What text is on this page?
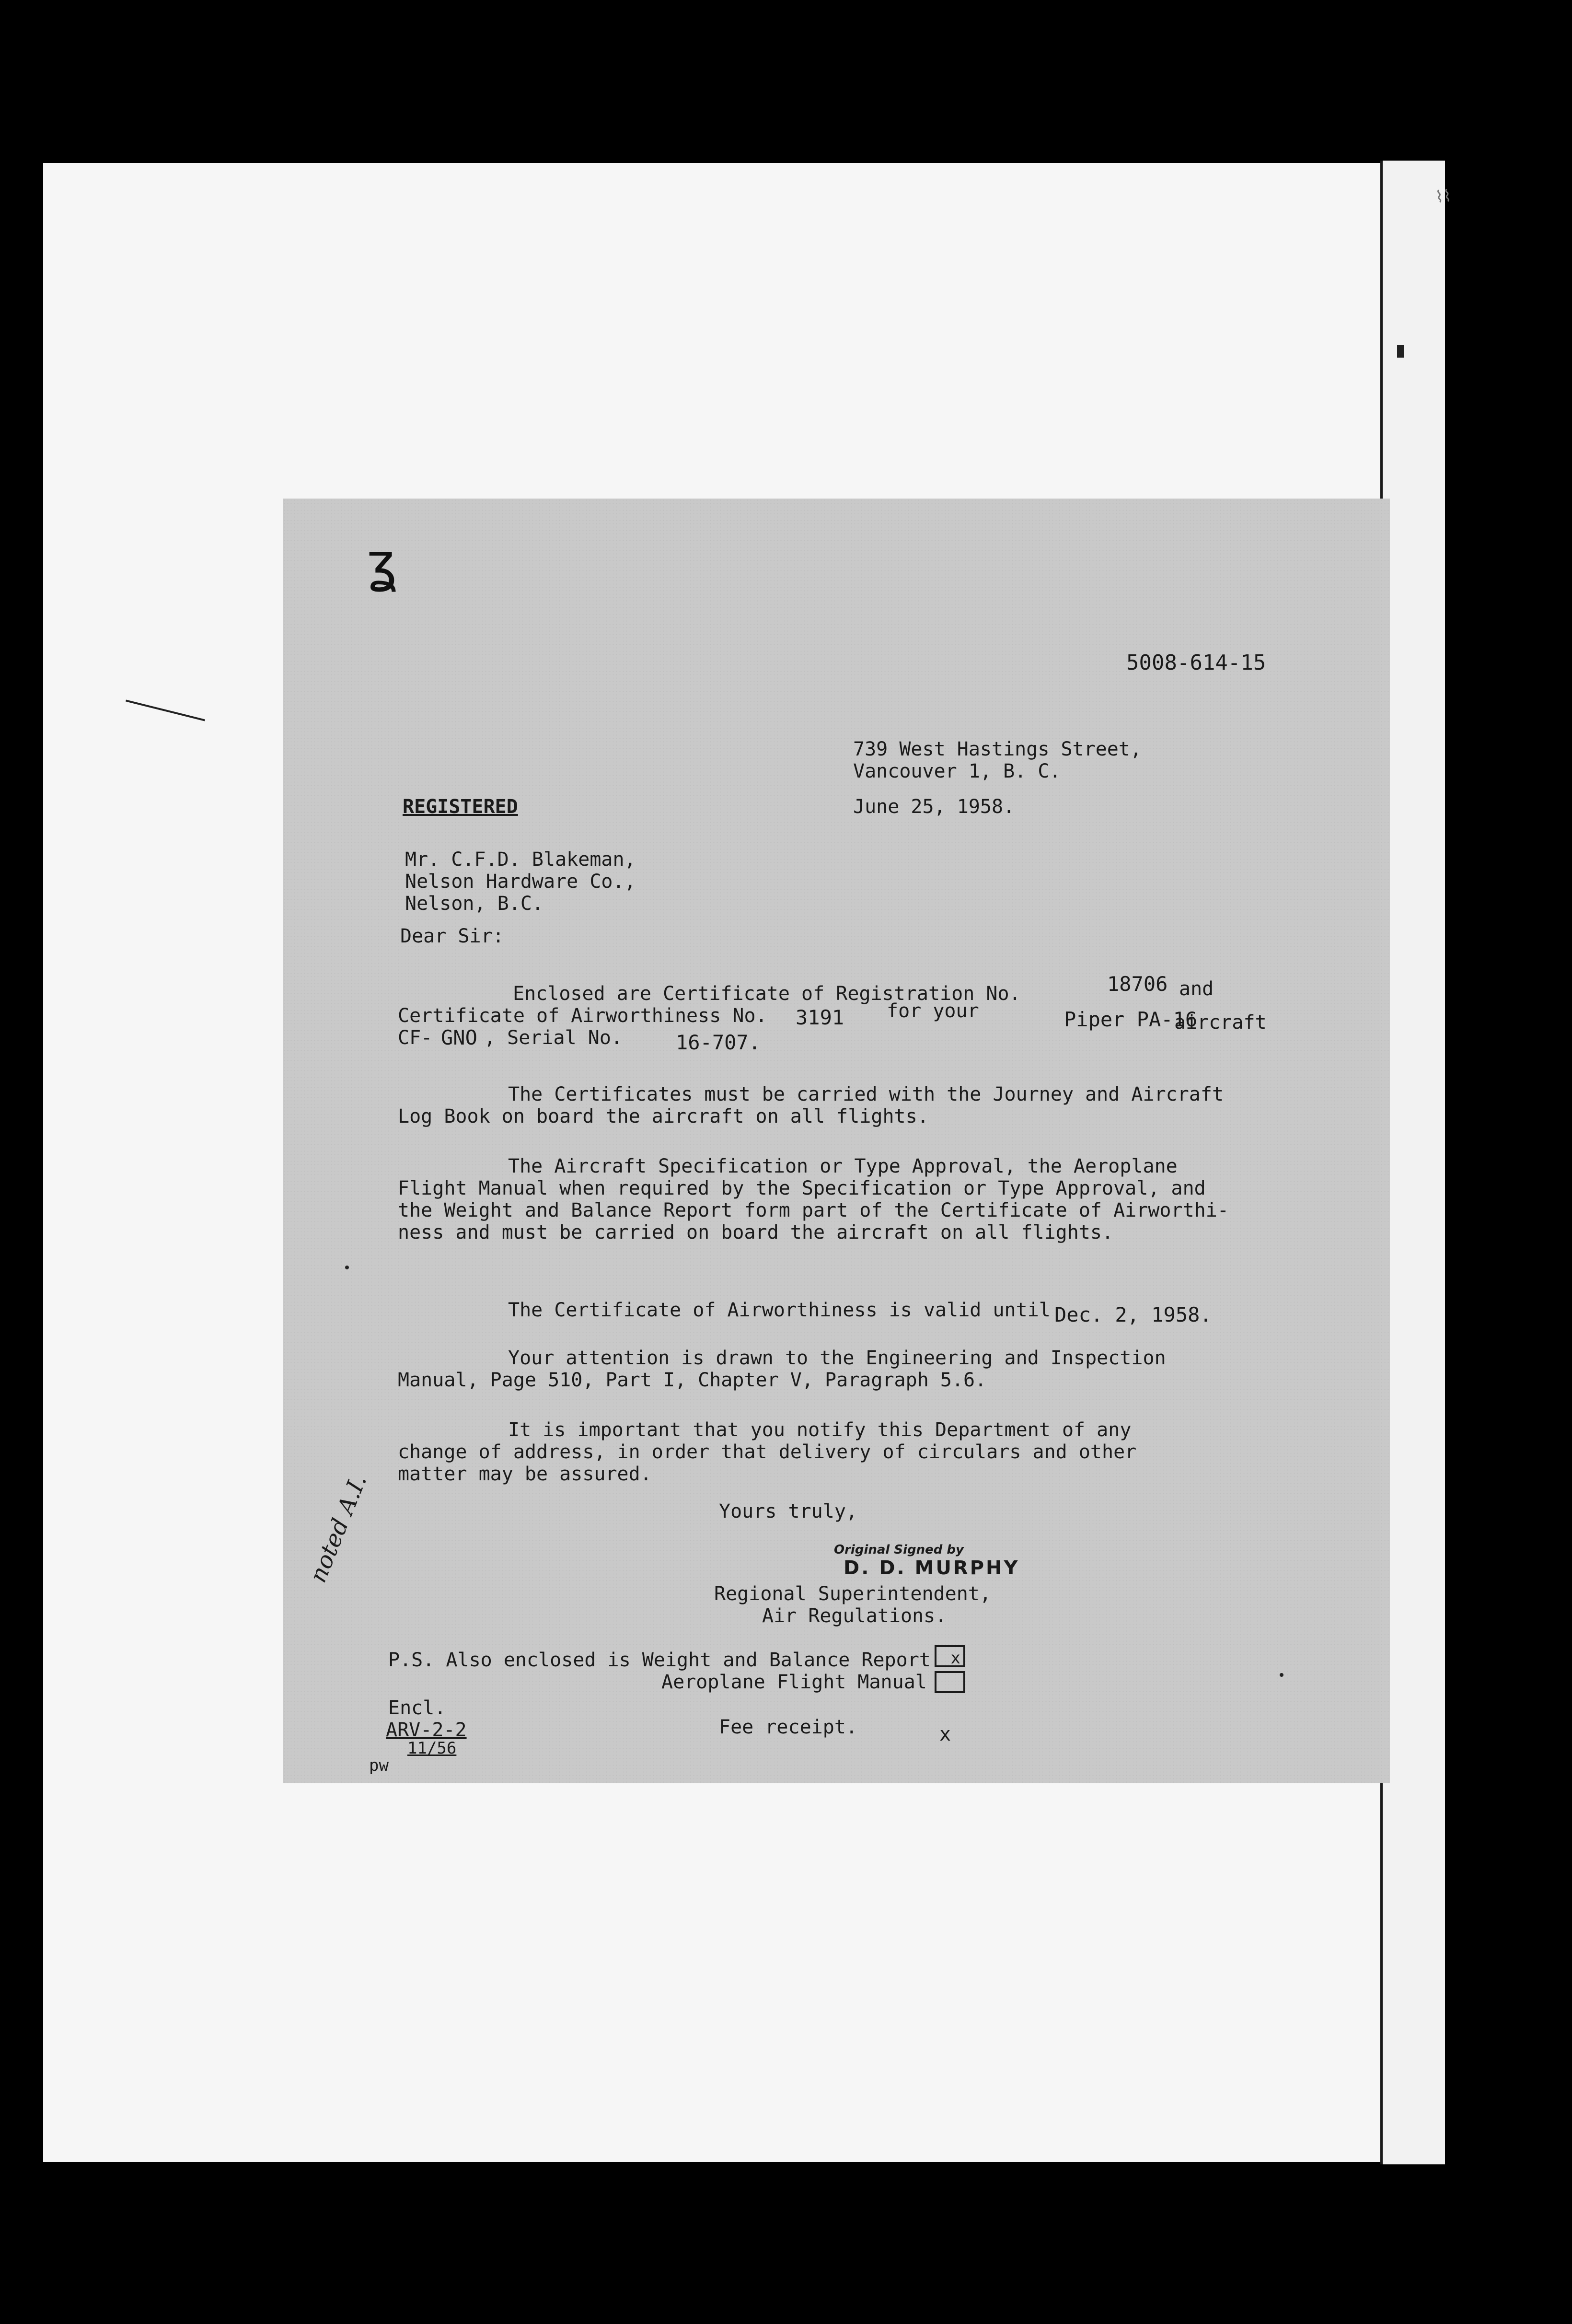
⌇⌇
ʓ
5008-614-15
739 West Hastings Street,
Vancouver 1, B. C.
June 25, 1958.
REGISTERED
Mr. C.F.D. Blakeman,
Nelson Hardware Co.,
Nelson, B.C.
Dear Sir:
Enclosed are Certificate of Registration No.	18706 and
Certificate of Airworthiness No. 3191 for your	Piper PA-16
aircraft
CF- GNO , Serial No.	16-707.
The Certificates must be carried with the Journey and Aircraft
Log Book on board the aircraft on all flights.
The Aircraft Specification or Type Approval, the Aeroplane
Flight Manual when required by the Specification or Type Approval, and
the Weight and Balance Report form part of the Certificate of Airworthi-
ness and must be carried on board the aircraft on all flights.
The Certificate of Airworthiness is valid until Dec. 2, 1958.
Your attention is drawn to the Engineering and Inspection
Manual, Page 510, Part I, Chapter V, Paragraph 5.6.
It is important that you notify this Department of any
change of address, in order that delivery of circulars and other
matter may be assured.
Yours truly,
Original Signed by
D. D. MURPHY
Regional Superintendent,
Air Regulations.
noted A.I.
P.S. Also enclosed is Weight and Balance Report	x
Aeroplane Flight Manual
Encl.
ARV-2-2
11/56
pw
Fee receipt.	x
